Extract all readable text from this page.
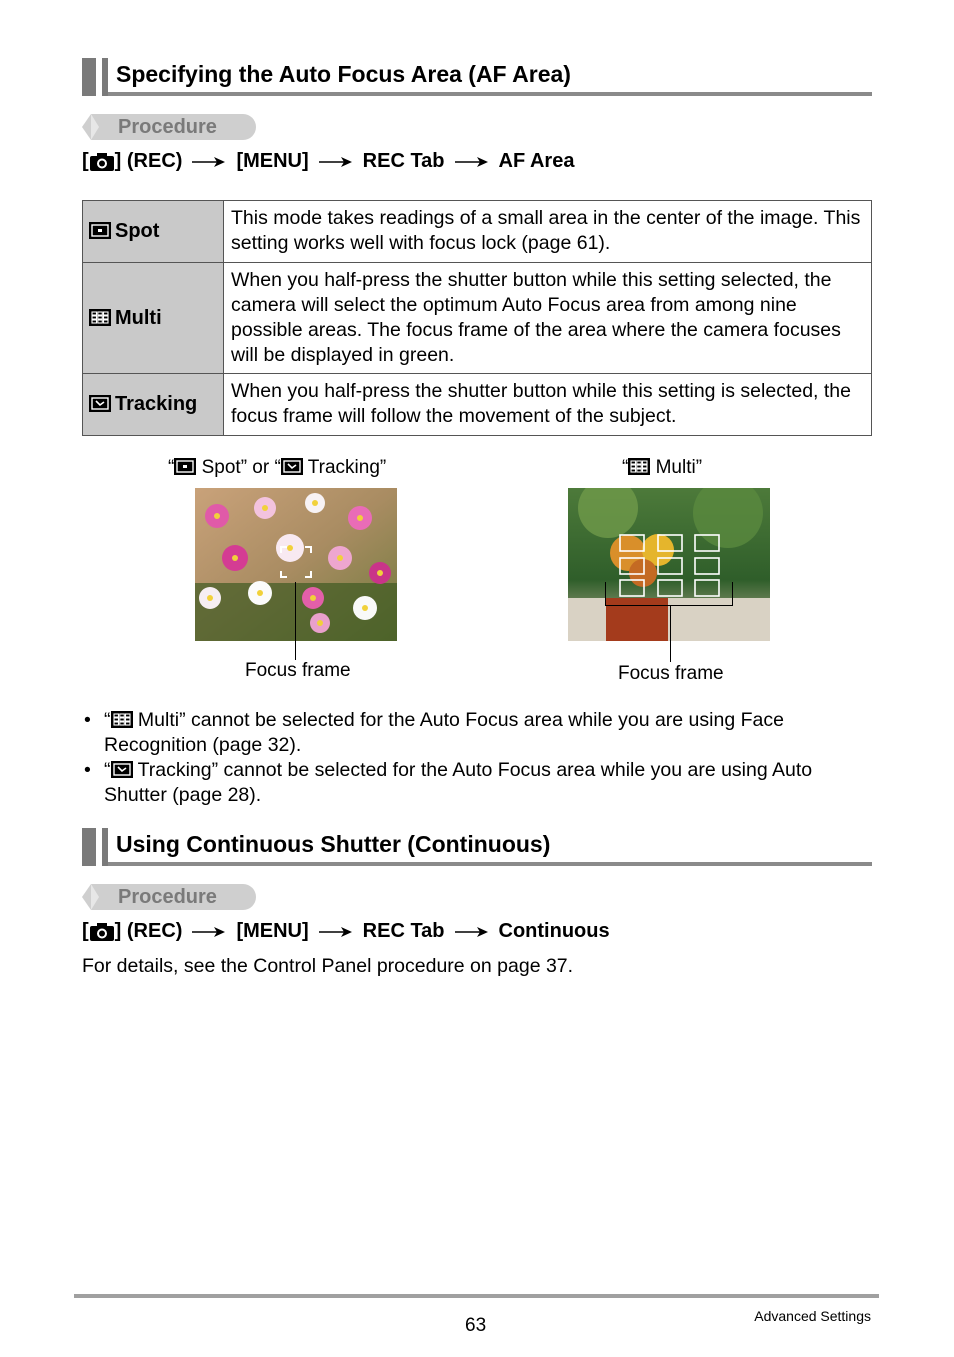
Specifying the Auto Focus Area (AF Area)
Procedure
[ ] (REC)	[MENU]	REC Tab	AF Area
Spot	This mode takes readings of a small area in the center of the image. This setting works well with focus lock (page 61).
Multi	When you half-press the shutter button while this setting selected, the camera will select the optimum Auto Focus area from among nine possible areas. The focus frame of the area where the camera focuses will be displayed in green.
Tracking	When you half-press the shutter button while this setting is selected, the focus frame will follow the movement of the subject.
“ Spot” or “ Tracking”	“ Multi”
Focus frame	Focus frame
• “ Multi” cannot be selected for the Auto Focus area while you are using Face Recognition (page 32).
• “ Tracking” cannot be selected for the Auto Focus area while you are using Auto Shutter (page 28).
Using Continuous Shutter (Continuous)
Procedure
[ ] (REC)	[MENU]	REC Tab	Continuous
For details, see the Control Panel procedure on page 37.
63	Advanced Settings
